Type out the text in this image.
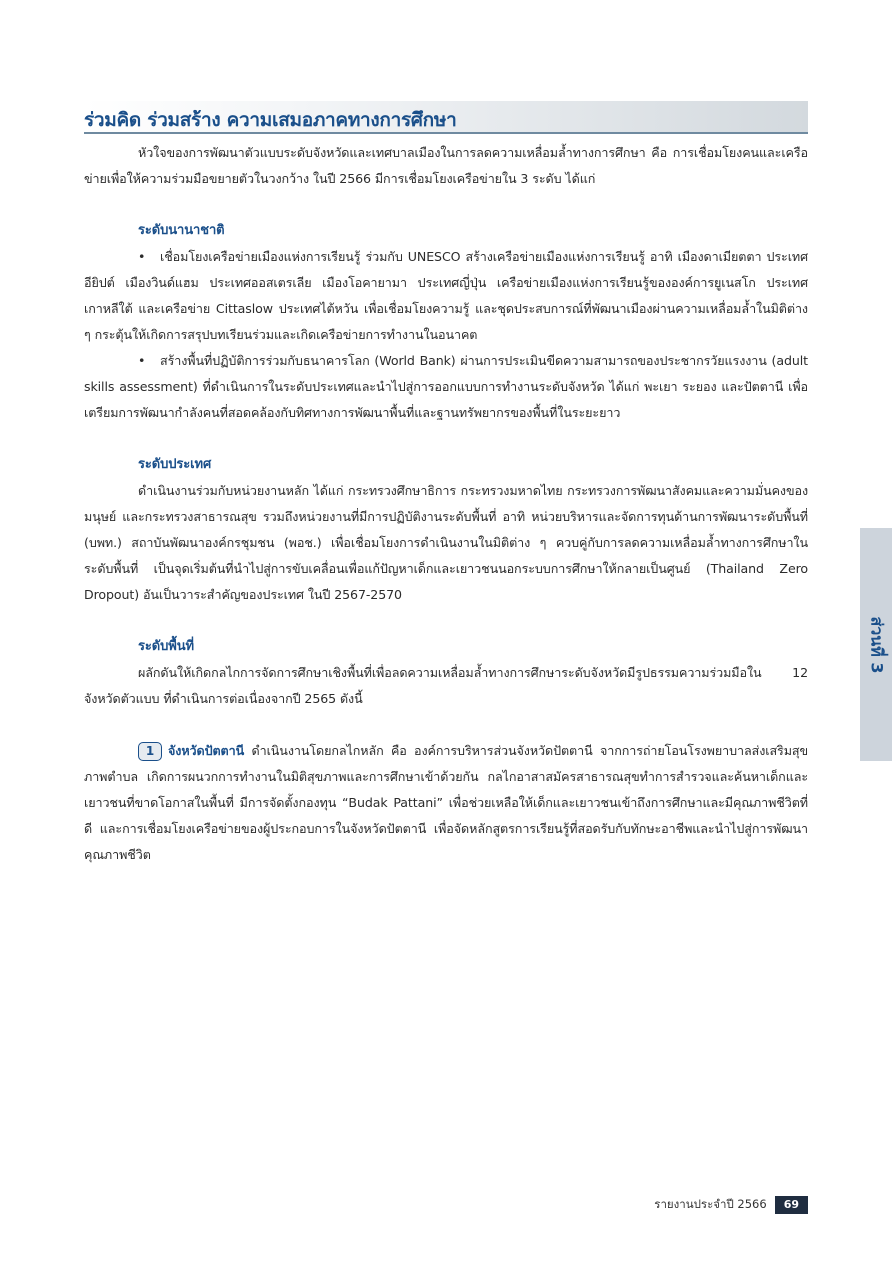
ร่วมคิด ร่วมสร้าง ความเสมอภาคทางการศึกษา

หัวใจของการพัฒนาตัวแบบระดับจังหวัดและเทศบาลเมืองในการลดความเหลื่อมล้ำทางการศึกษา คือ การเชื่อมโยงคนและเครือข่ายเพื่อให้ความร่วมมือขยายตัวในวงกว้าง ในปี 2566 มีการเชื่อมโยงเครือข่ายใน 3 ระดับ ได้แก่

ระดับนานาชาติ

• เชื่อมโยงเครือข่ายเมืองแห่งการเรียนรู้ ร่วมกับ UNESCO สร้างเครือข่ายเมืองแห่งการเรียนรู้ อาทิ เมืองดาเมียตตา ประเทศอียิปต์ เมืองวินด์แฮม ประเทศออสเตรเลีย เมืองโอคายามา ประเทศญี่ปุ่น เครือข่ายเมืองแห่งการเรียนรู้ขององค์การยูเนสโก ประเทศเกาหลีใต้ และเครือข่าย Cittaslow ประเทศไต้หวัน เพื่อเชื่อมโยงความรู้ และชุดประสบการณ์ที่พัฒนาเมืองผ่านความเหลื่อมล้ำในมิติต่าง ๆ กระตุ้นให้เกิดการสรุปบทเรียนร่วมและเกิดเครือข่ายการทำงานในอนาคต

• สร้างพื้นที่ปฏิบัติการร่วมกับธนาคารโลก (World Bank) ผ่านการประเมินขีดความสามารถของประชากรวัยแรงงาน (adult skills assessment) ที่ดำเนินการในระดับประเทศและนำไปสู่การออกแบบการทำงานระดับจังหวัด ได้แก่ พะเยา ระยอง และปัตตานี เพื่อเตรียมการพัฒนากำลังคนที่สอดคล้องกับทิศทางการพัฒนาพื้นที่และฐานทรัพยากรของพื้นที่ในระยะยาว

ระดับประเทศ

ดำเนินงานร่วมกับหน่วยงานหลัก ได้แก่ กระทรวงศึกษาธิการ กระทรวงมหาดไทย กระทรวงการพัฒนาสังคมและความมั่นคงของมนุษย์ และกระทรวงสาธารณสุข รวมถึงหน่วยงานที่มีการปฏิบัติงานระดับพื้นที่ อาทิ หน่วยบริหารและจัดการทุนด้านการพัฒนาระดับพื้นที่ (บพท.) สถาบันพัฒนาองค์กรชุมชน (พอช.) เพื่อเชื่อมโยงการดำเนินงานในมิติต่าง ๆ ควบคู่กับการลดความเหลื่อมล้ำทางการศึกษาในระดับพื้นที่ เป็นจุดเริ่มต้นที่นำไปสู่การขับเคลื่อนเพื่อแก้ปัญหาเด็กและเยาวชนนอกระบบการศึกษาให้กลายเป็นศูนย์ (Thailand Zero Dropout) อันเป็นวาระสำคัญของประเทศ ในปี 2567-2570

ระดับพื้นที่

ผลักดันให้เกิดกลไกการจัดการศึกษาเชิงพื้นที่เพื่อลดความเหลื่อมล้ำทางการศึกษาระดับจังหวัดมีรูปธรรมความร่วมมือใน 12 จังหวัดตัวแบบ ที่ดำเนินการต่อเนื่องจากปี 2565 ดังนี้

1 จังหวัดปัตตานี ดำเนินงานโดยกลไกหลัก คือ องค์การบริหารส่วนจังหวัดปัตตานี จากการถ่ายโอนโรงพยาบาลส่งเสริมสุขภาพตำบล เกิดการผนวกการทำงานในมิติสุขภาพและการศึกษาเข้าด้วยกัน กลไกอาสาสมัครสาธารณสุขทำการสำรวจและค้นหาเด็กและเยาวชนที่ขาดโอกาสในพื้นที่ มีการจัดตั้งกองทุน “Budak Pattani” เพื่อช่วยเหลือให้เด็กและเยาวชนเข้าถึงการศึกษาและมีคุณภาพชีวิตที่ดี และการเชื่อมโยงเครือข่ายของผู้ประกอบการในจังหวัดปัตตานี เพื่อจัดหลักสูตรการเรียนรู้ที่สอดรับกับทักษะอาชีพและนำไปสู่การพัฒนาคุณภาพชีวิต

ส่วนที่ 3
รายงานประจำปี 2566	69
